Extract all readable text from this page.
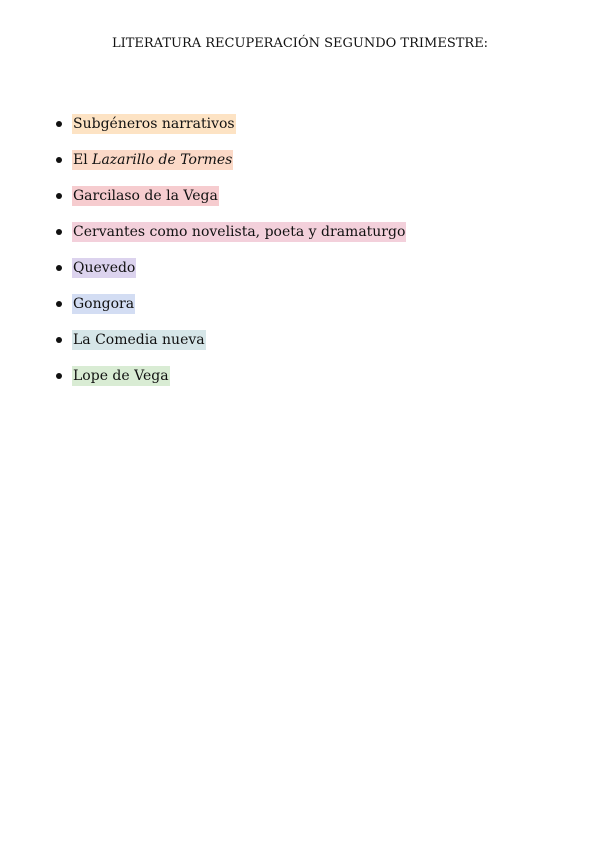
LITERATURA RECUPERACIÓN SEGUNDO TRIMESTRE:
Subgéneros narrativos
El Lazarillo de Tormes
Garcilaso de la Vega
Cervantes como novelista, poeta y dramaturgo
Quevedo
Gongora
La Comedia nueva
Lope de Vega
